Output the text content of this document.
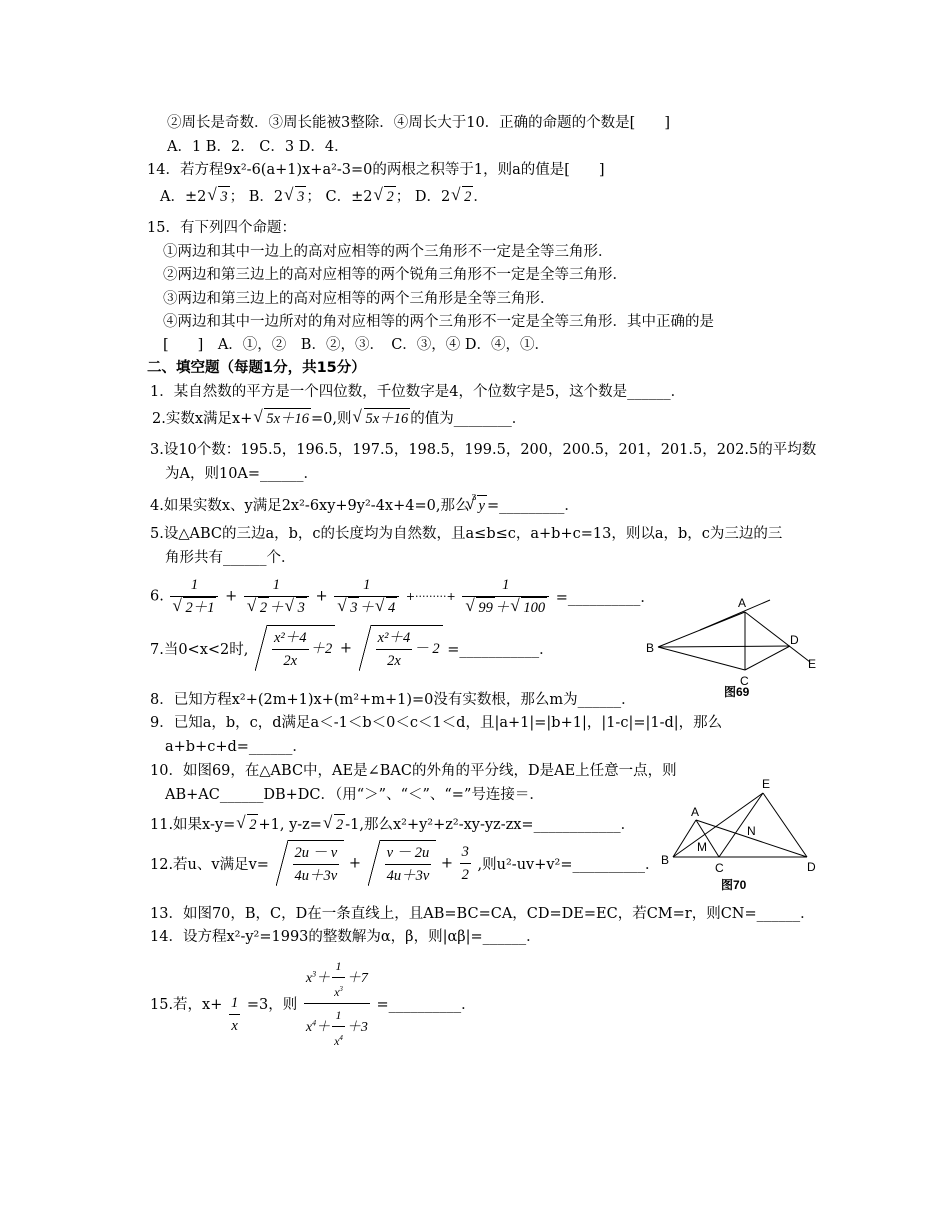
②周长是奇数．③周长能被3整除．④周长大于10．正确的命题的个数是[　　]
A．1 B．2.　C．3 D．4．
14．若方程9x²-6(a+1)x+a²-3=0的两根之积等于1，则a的值是[　　]
A．±2 √ 3 ； B．2 √ 3 ； C．±2 √ 2 ； D．2 √ 2 ．
15．有下列四个命题：
①两边和其中一边上的高对应相等的两个三角形不一定是全等三角形．
②两边和第三边上的高对应相等的两个锐角三角形不一定是全等三角形．
③两边和第三边上的高对应相等的两个三角形是全等三角形．
④两边和其中一边所对的角对应相等的两个三角形不一定是全等三角形．其中正确的是
[　　]　A．①，②　B．②，③．　C．③，④ D．④，①．
二、填空题（每题1分，共15分）
1．某自然数的平方是一个四位数，千位数字是4，个位数字是5，这个数是______．
2.实数x满足x+ √ 5x＋16 =0,则 √ 5x＋16 的值为________．
3.设10个数：195.5，196.5，197.5，198.5，199.5，200，200.5，201，201.5，202.5的平均数
为A，则10A=______．
4.如果实数x、y满足2x²-6xy+9y²-4x+4=0,那么$^3$√ y =_________．
5.设△ABC的三边a，b，c的长度均为自然数，且a≤b≤c，a+b+c=13，则以a，b，c为三边的三
角形共有______个．
6. 1
√ 2＋1 + 1
√ 2 ＋ √ 3 + 1
√ 3 ＋ √ 4 +·········+ 1
√ 99 ＋ √ 100 =__________．
7.当0<x<2时, $\frac{\text{x²＋4}}{2x} +2 + \frac{\text{x²＋4}}{2x} - 2$ =___________．
8．已知方程x²+(2m+1)x+(m²+m+1)=0没有实数根，那么m为______．
9．已知a，b，c，d满足a＜-1＜b＜0＜c＜1＜d，且|a+1|=|b+1|，|1-c|=|1-d|，那么
a+b+c+d=______．
10．如图69，在△ABC中，AE是∠BAC的外角的平分线，D是AE上任意一点，则
AB+AC______DB+DC．（用“＞”、“＜”、“=”号连接＝．
11.如果x-y= √ 2 +1, y-z= √ 2 -1,那么x²+y²+z²-xy-yz-zx=____________．
12.若u、v满足$v= \frac{2u - v}{4u+3v} + \frac{v - 2u}{4u+3v} + \frac{3}{2}$ ,则u²-uv+v²=__________．
13．如图70，B，C，D在一条直线上，且AB=BC=CA，CD=DE=EC，若CM=r，则CN=______．
14．设方程x²-y²=1993的整数解为α，β，则|αβ|=______．
15.若，$x+ \frac{1}{x} =3$，则 $\frac{x^3+ \frac{1}{x^3} +7}{x^4+ \frac{1}{x^4} +3}$ =__________．
A
B
C
D
E
图69
A
B
C	D
E
M
N
图70
